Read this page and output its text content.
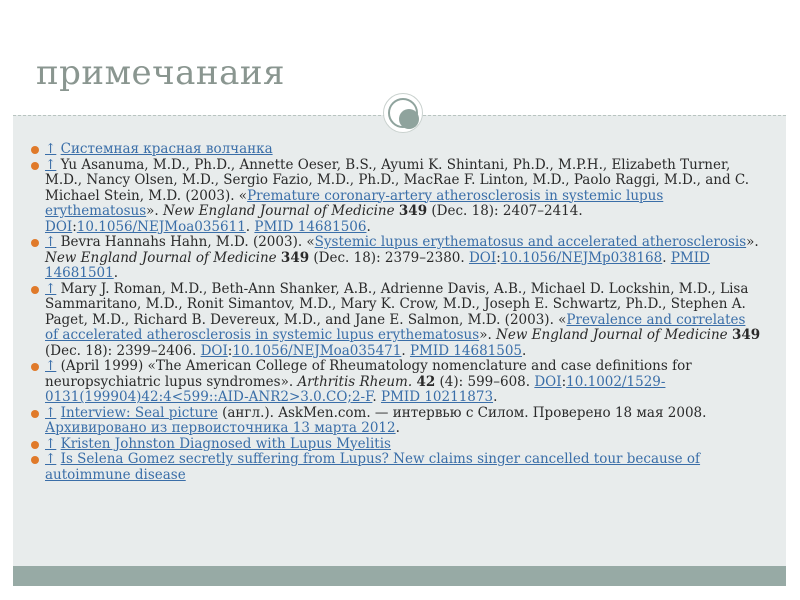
примечанаия
↑ Системная красная волчанка
↑ Yu Asanuma, M.D., Ph.D., Annette Oeser, B.S., Ayumi K. Shintani, Ph.D., M.P.H., Elizabeth Turner, M.D., Nancy Olsen, M.D., Sergio Fazio, M.D., Ph.D., MacRae F. Linton, M.D., Paolo Raggi, M.D., and C. Michael Stein, M.D. (2003). «Premature coronary-artery atherosclerosis in systemic lupus erythematosus». New England Journal of Medicine 349 (Dec. 18): 2407–2414. DOI:10.1056/NEJMoa035611. PMID 14681506.
↑ Bevra Hannahs Hahn, M.D. (2003). «Systemic lupus erythematosus and accelerated atherosclerosis». New England Journal of Medicine 349 (Dec. 18): 2379–2380. DOI:10.1056/NEJMp038168. PMID 14681501.
↑ Mary J. Roman, M.D., Beth-Ann Shanker, A.B., Adrienne Davis, A.B., Michael D. Lockshin, M.D., Lisa Sammaritano, M.D., Ronit Simantov, M.D., Mary K. Crow, M.D., Joseph E. Schwartz, Ph.D., Stephen A. Paget, M.D., Richard B. Devereux, M.D., and Jane E. Salmon, M.D. (2003). «Prevalence and correlates of accelerated atherosclerosis in systemic lupus erythematosus». New England Journal of Medicine 349 (Dec. 18): 2399–2406. DOI:10.1056/NEJMoa035471. PMID 14681505.
↑ (April 1999) «The American College of Rheumatology nomenclature and case definitions for neuropsychiatric lupus syndromes». Arthritis Rheum. 42 (4): 599–608. DOI:10.1002/1529-0131(199904)42:4<599::AID-ANR2>3.0.CO;2-F. PMID 10211873.
↑ Interview: Seal picture (англ.). AskMen.com. — интервью с Силом. Проверено 18 мая 2008. Архивировано из первоисточника 13 марта 2012.
↑ Kristen Johnston Diagnosed with Lupus Myelitis
↑ Is Selena Gomez secretly suffering from Lupus? New claims singer cancelled tour because of autoimmune disease
